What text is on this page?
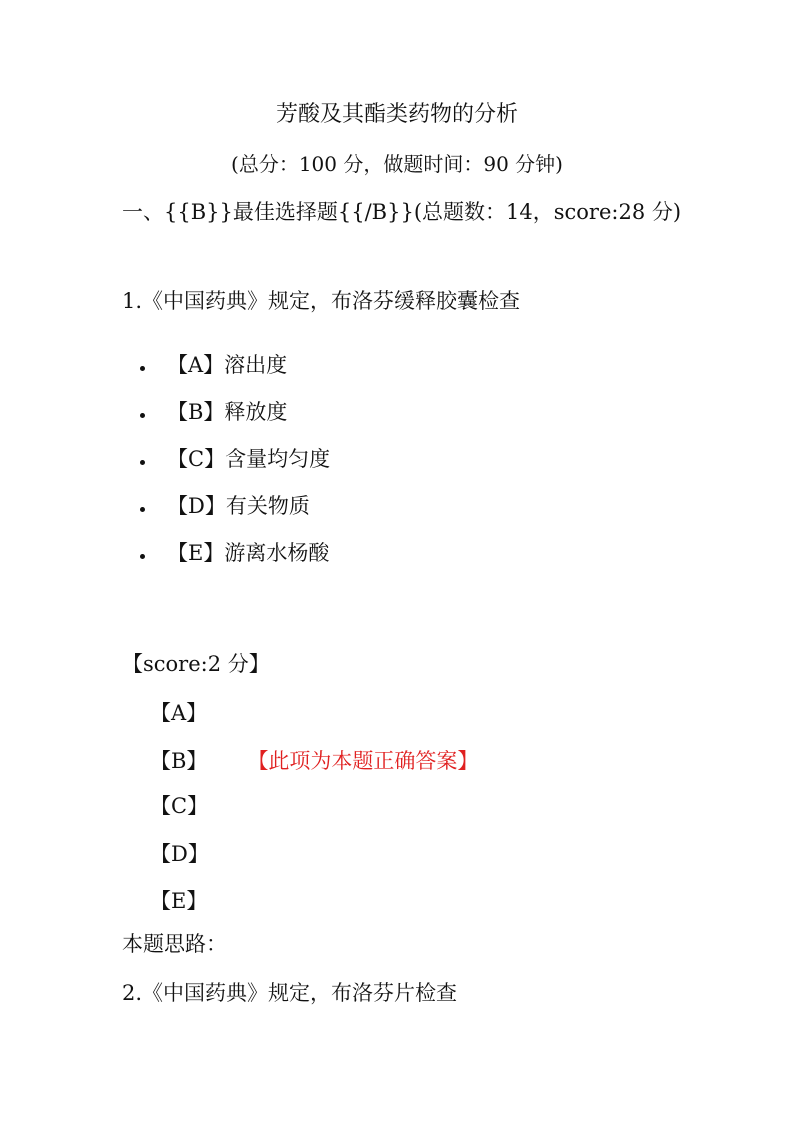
芳酸及其酯类药物的分析
(总分：100 分，做题时间：90 分钟)
一、{{B}}最佳选择题{{/B}}(总题数：14，score:28 分)
1.《中国药典》规定，布洛芬缓释胶囊检查
【A】溶出度
【B】释放度
【C】含量均匀度
【D】有关物质
【E】游离水杨酸
【score:2 分】
【A】
【B】 【此项为本题正确答案】
【C】
【D】
【E】
本题思路：
2.《中国药典》规定，布洛芬片检查
